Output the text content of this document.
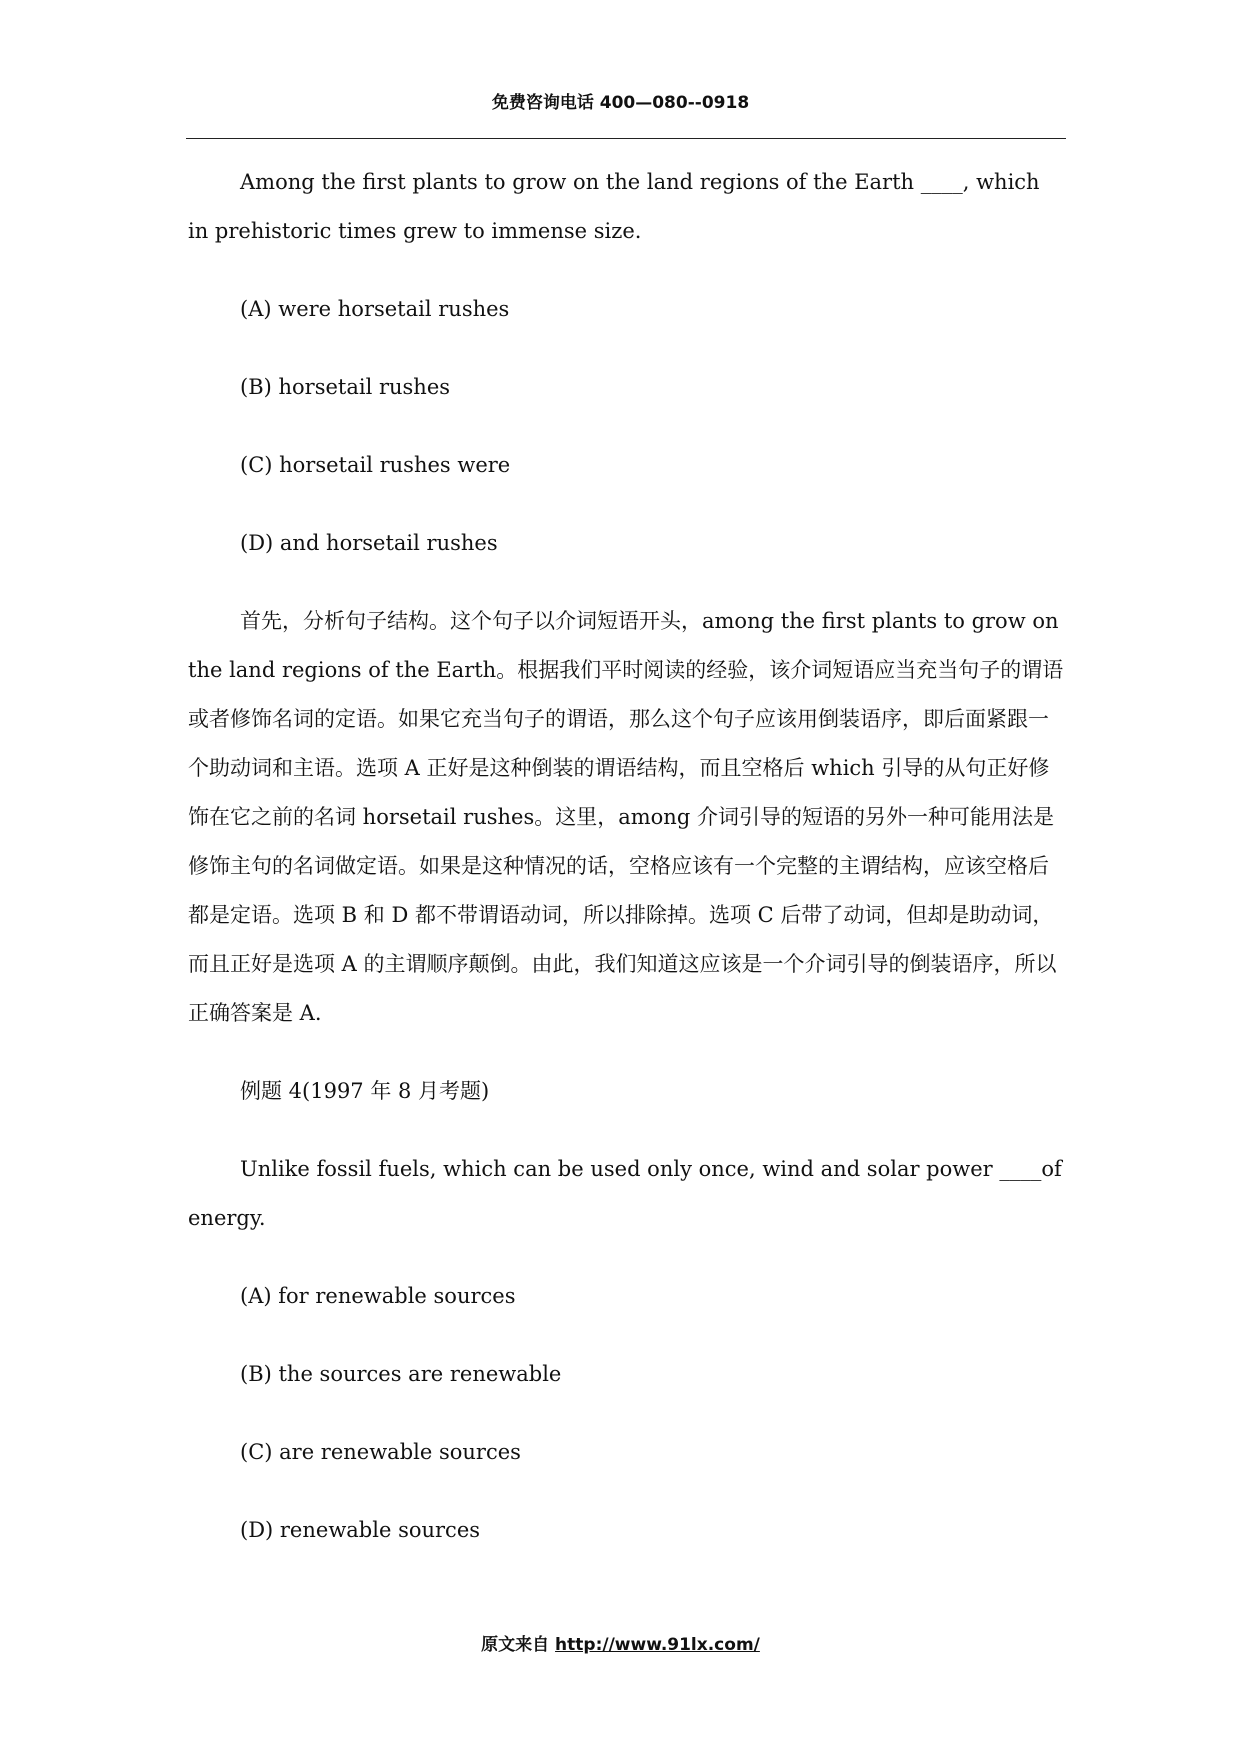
免费咨询电话 400—080--0918

Among the first plants to grow on the land regions of the Earth ____, which in prehistoric times grew to immense size.

(A) were horsetail rushes

(B) horsetail rushes

(C) horsetail rushes were

(D) and horsetail rushes

首先，分析句子结构。这个句子以介词短语开头，among the first plants to grow on the land regions of the Earth。根据我们平时阅读的经验，该介词短语应当充当句子的谓语或者修饰名词的定语。如果它充当句子的谓语，那么这个句子应该用倒装语序，即后面紧跟一个助动词和主语。选项 A 正好是这种倒装的谓语结构，而且空格后 which 引导的从句正好修饰在它之前的名词 horsetail rushes。这里，among 介词引导的短语的另外一种可能用法是修饰主句的名词做定语。如果是这种情况的话，空格应该有一个完整的主谓结构，应该空格后都是定语。选项 B 和 D 都不带谓语动词，所以排除掉。选项 C 后带了动词，但却是助动词，而且正好是选项 A 的主谓顺序颠倒。由此，我们知道这应该是一个介词引导的倒装语序，所以正确答案是 A.

例题 4(1997 年 8 月考题)

Unlike fossil fuels, which can be used only once, wind and solar power ____of energy.

(A) for renewable sources

(B) the sources are renewable

(C) are renewable sources

(D) renewable sources

原文来自 http://www.91lx.com/
